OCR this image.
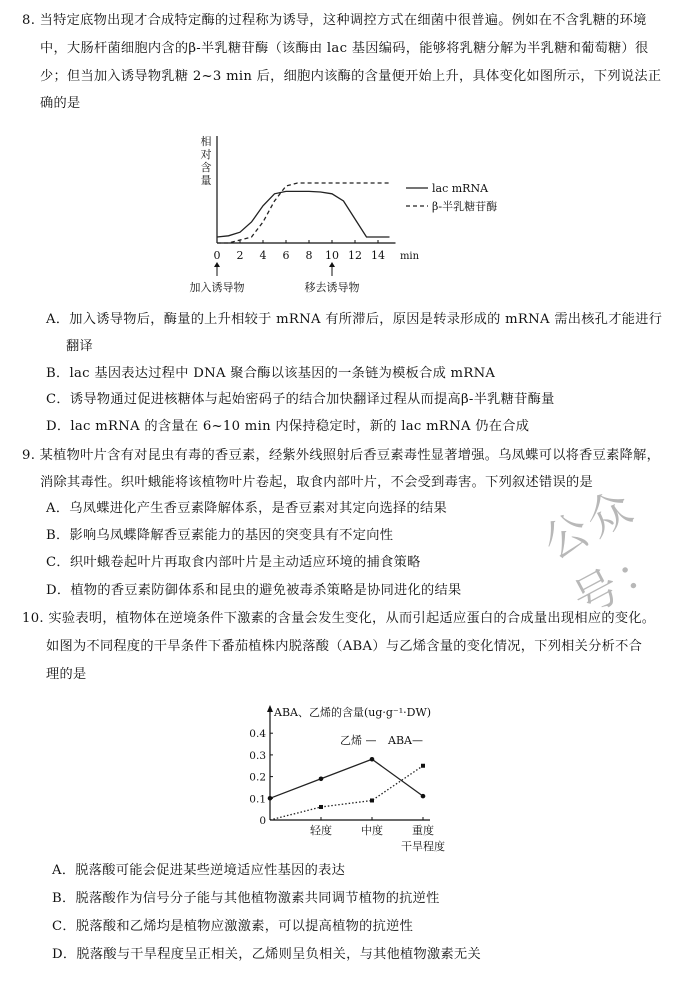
8. 当特定底物出现才合成特定酶的过程称为诱导，这种调控方式在细菌中很普遍。例如在不含乳糖的环境
中，大肠杆菌细胞内含的β-半乳糖苷酶（该酶由 lac 基因编码，能够将乳糖分解为半乳糖和葡萄糖）很
少；但当加入诱导物乳糖 2~3 min 后，细胞内该酶的含量便开始上升，具体变化如图所示，下列说法正
确的是
相
对
含
量
0 2 4 6 8 10 12 14 min
lac mRNA
β-半乳糖苷酶
加入诱导物	移去诱导物
A．加入诱导物后，酶量的上升相较于 mRNA 有所滞后，原因是转录形成的 mRNA 需出核孔才能进行
翻译
B．lac 基因表达过程中 DNA 聚合酶以该基因的一条链为模板合成 mRNA
C．诱导物通过促进核糖体与起始密码子的结合加快翻译过程从而提高β-半乳糖苷酶量
D．lac mRNA 的含量在 6~10 min 内保持稳定时，新的 lac mRNA 仍在合成
9. 某植物叶片含有对昆虫有毒的香豆素，经紫外线照射后香豆素毒性显著增强。乌凤蝶可以将香豆素降解，
消除其毒性。织叶蛾能将该植物叶片卷起，取食内部叶片，不会受到毒害。下列叙述错误的是
A．乌凤蝶进化产生香豆素降解体系，是香豆素对其定向选择的结果
B．影响乌凤蝶降解香豆素能力的基因的突变具有不定向性
C．织叶蛾卷起叶片再取食内部叶片是主动适应环境的捕食策略
D．植物的香豆素防御体系和昆虫的避免被毒杀策略是协同进化的结果
公众号：
10. 实验表明，植物体在逆境条件下激素的含量会发生变化，从而引起适应蛋白的合成量出现相应的变化。
如图为不同程度的干旱条件下番茄植株内脱落酸（ABA）与乙烯含量的变化情况，下列相关分析不合
理的是
ABA、乙烯的含量(ug·g⁻¹·DW)
0
0.1
0.2
0.3
0.4
轻度	中度	重度
干旱程度
乙烯 — ABA—
A．脱落酸可能会促进某些逆境适应性基因的表达
B．脱落酸作为信号分子能与其他植物激素共同调节植物的抗逆性
C．脱落酸和乙烯均是植物应激激素，可以提高植物的抗逆性
D．脱落酸与干旱程度呈正相关，乙烯则呈负相关，与其他植物激素无关
